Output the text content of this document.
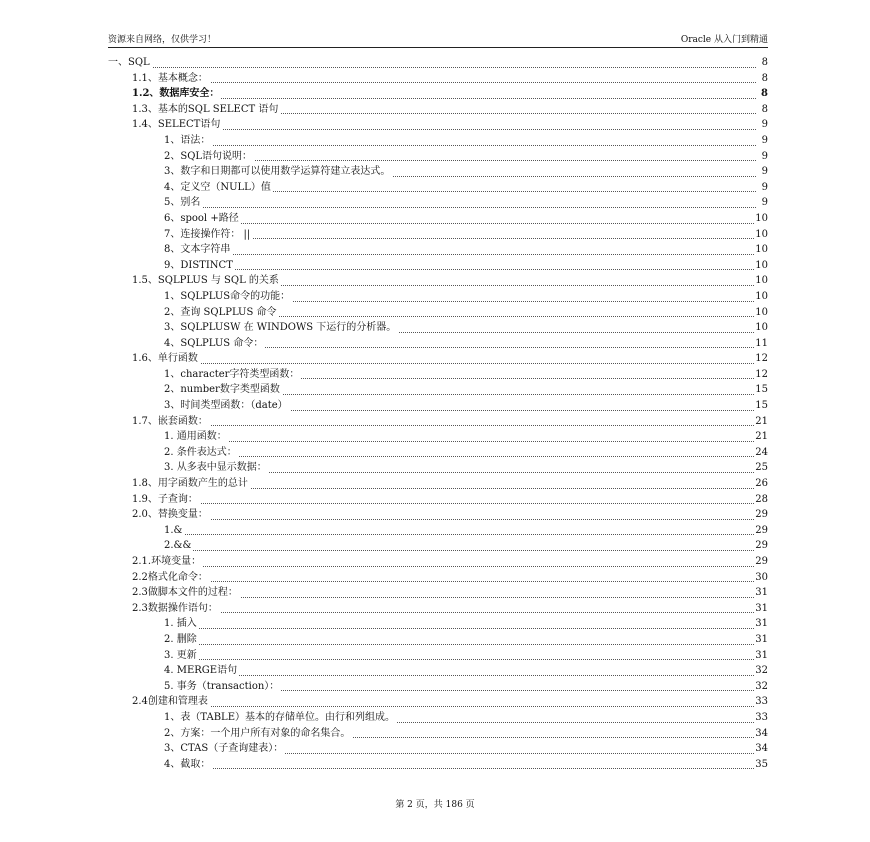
资源来自网络，仅供学习！	Oracle 从入门到精通
一、SQL	8
1.1、基本概念：	8
1.2、数据库安全：	8
1.3、基本的SQL SELECT 语句	8
1.4、SELECT语句	9
1、语法：	9
2、SQL语句说明：	9
3、数字和日期都可以使用数学运算符建立表达式。	9
4、定义空（NULL）值	9
5、别名	9
6、spool +路径	10
7、连接操作符： ||	10
8、文本字符串	10
9、DISTINCT	10
1.5、SQLPLUS 与 SQL 的关系	10
1、SQLPLUS命令的功能：	10
2、查询 SQLPLUS 命令	10
3、SQLPLUSW 在 WINDOWS 下运行的分析器。	10
4、SQLPLUS 命令：	11
1.6、单行函数	12
1、character字符类型函数：	12
2、number数字类型函数	15
3、时间类型函数：（date）	15
1.7、嵌套函数：	21
1. 通用函数：	21
2. 条件表达式：	24
3. 从多表中显示数据：	25
1.8、用字函数产生的总计	26
1.9、子查询：	28
2.0、替换变量：	29
1.&	29
2.&&	29
2.1.环境变量：	29
2.2格式化命令：	30
2.3做脚本文件的过程：	31
2.3数据操作语句：	31
1. 插入	31
2. 删除	31
3. 更新	31
4. MERGE语句	32
5. 事务（transaction）：	32
2.4创建和管理表	33
1、表（TABLE）基本的存储单位。由行和列组成。	33
2、方案：一个用户所有对象的命名集合。	34
3、CTAS（子查询建表）：	34
4、截取：	35
第 2 页，共 186 页
